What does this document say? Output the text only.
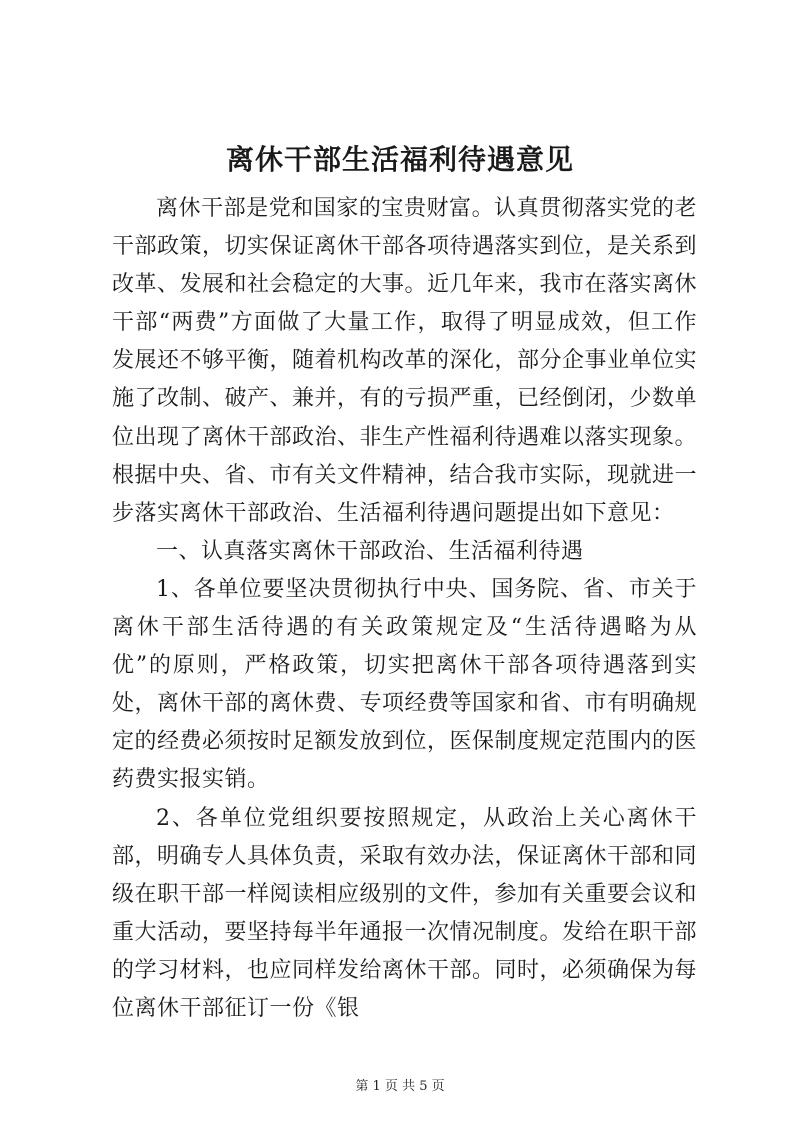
离休干部生活福利待遇意见

离休干部是党和国家的宝贵财富。认真贯彻落实党的老干部政策，切实保证离休干部各项待遇落实到位，是关系到改革、发展和社会稳定的大事。近几年来，我市在落实离休干部“两费”方面做了大量工作，取得了明显成效，但工作发展还不够平衡，随着机构改革的深化，部分企事业单位实施了改制、破产、兼并，有的亏损严重，已经倒闭，少数单位出现了离休干部政治、非生产性福利待遇难以落实现象。根据中央、省、市有关文件精神，结合我市实际，现就进一步落实离休干部政治、生活福利待遇问题提出如下意见：

一、认真落实离休干部政治、生活福利待遇

1、各单位要坚决贯彻执行中央、国务院、省、市关于离休干部生活待遇的有关政策规定及“生活待遇略为从优”的原则，严格政策，切实把离休干部各项待遇落到实处，离休干部的离休费、专项经费等国家和省、市有明确规定的经费必须按时足额发放到位，医保制度规定范围内的医药费实报实销。

2、各单位党组织要按照规定，从政治上关心离休干部，明确专人具体负责，采取有效办法，保证离休干部和同级在职干部一样阅读相应级别的文件，参加有关重要会议和重大活动，要坚持每半年通报一次情况制度。发给在职干部的学习材料，也应同样发给离休干部。同时，必须确保为每位离休干部征订一份《银

第 1 页 共 5 页
